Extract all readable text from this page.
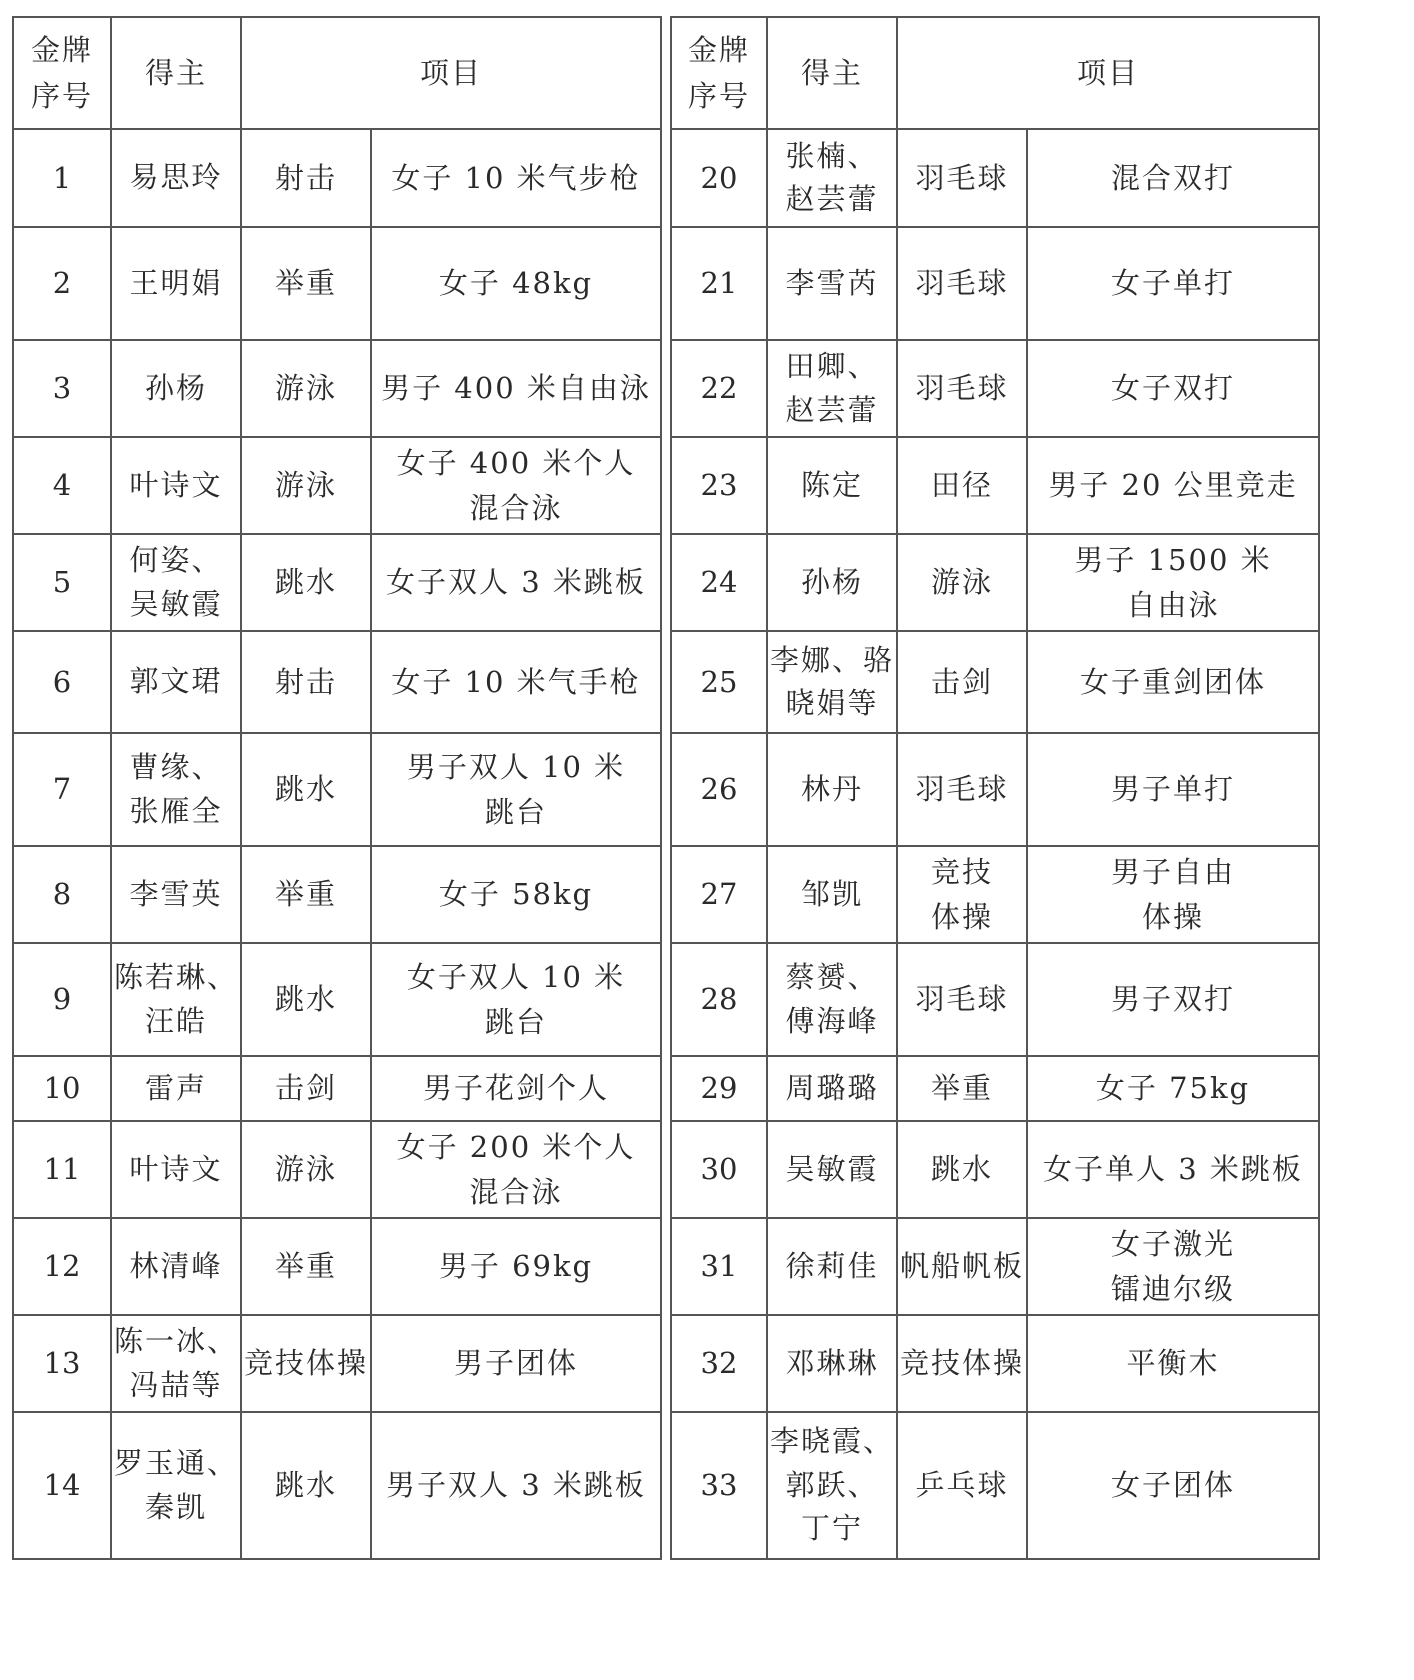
金牌
序号	得主	项目	
1	易思玲	射击	女子 10 米气步枪
2	王明娟	举重	女子 48kg
3	孙杨	游泳	男子 400 米自由泳
4	叶诗文	游泳	女子 400 米个人
混合泳
5	何姿、
吴敏霞	跳水	女子双人 3 米跳板
6	郭文珺	射击	女子 10 米气手枪
7	曹缘、
张雁全	跳水	男子双人 10 米
跳台
8	李雪英	举重	女子 58kg
9	陈若琳、
汪皓	跳水	女子双人 10 米
跳台
10	雷声	击剑	男子花剑个人
11	叶诗文	游泳	女子 200 米个人
混合泳
12	林清峰	举重	男子 69kg
13	陈一冰、
冯喆等	竞技体操	男子团体
14	罗玉通、
秦凯	跳水	男子双人 3 米跳板
金牌
序号	得主	项目	
20	张楠、
赵芸蕾	羽毛球	混合双打
21	李雪芮	羽毛球	女子单打
22	田卿、
赵芸蕾	羽毛球	女子双打
23	陈定	田径	男子 20 公里竞走
24	孙杨	游泳	男子 1500 米
自由泳
25	李娜、骆
晓娟等	击剑	女子重剑团体
26	林丹	羽毛球	男子单打
27	邹凯	竞技
体操	男子自由
体操
28	蔡赟、
傅海峰	羽毛球	男子双打
29	周璐璐	举重	女子 75kg
30	吴敏霞	跳水	女子单人 3 米跳板
31	徐莉佳	帆船帆板	女子激光
镭迪尔级
32	邓琳琳	竞技体操	平衡木
33	李晓霞、
郭跃、
丁宁	乒乓球	女子团体
